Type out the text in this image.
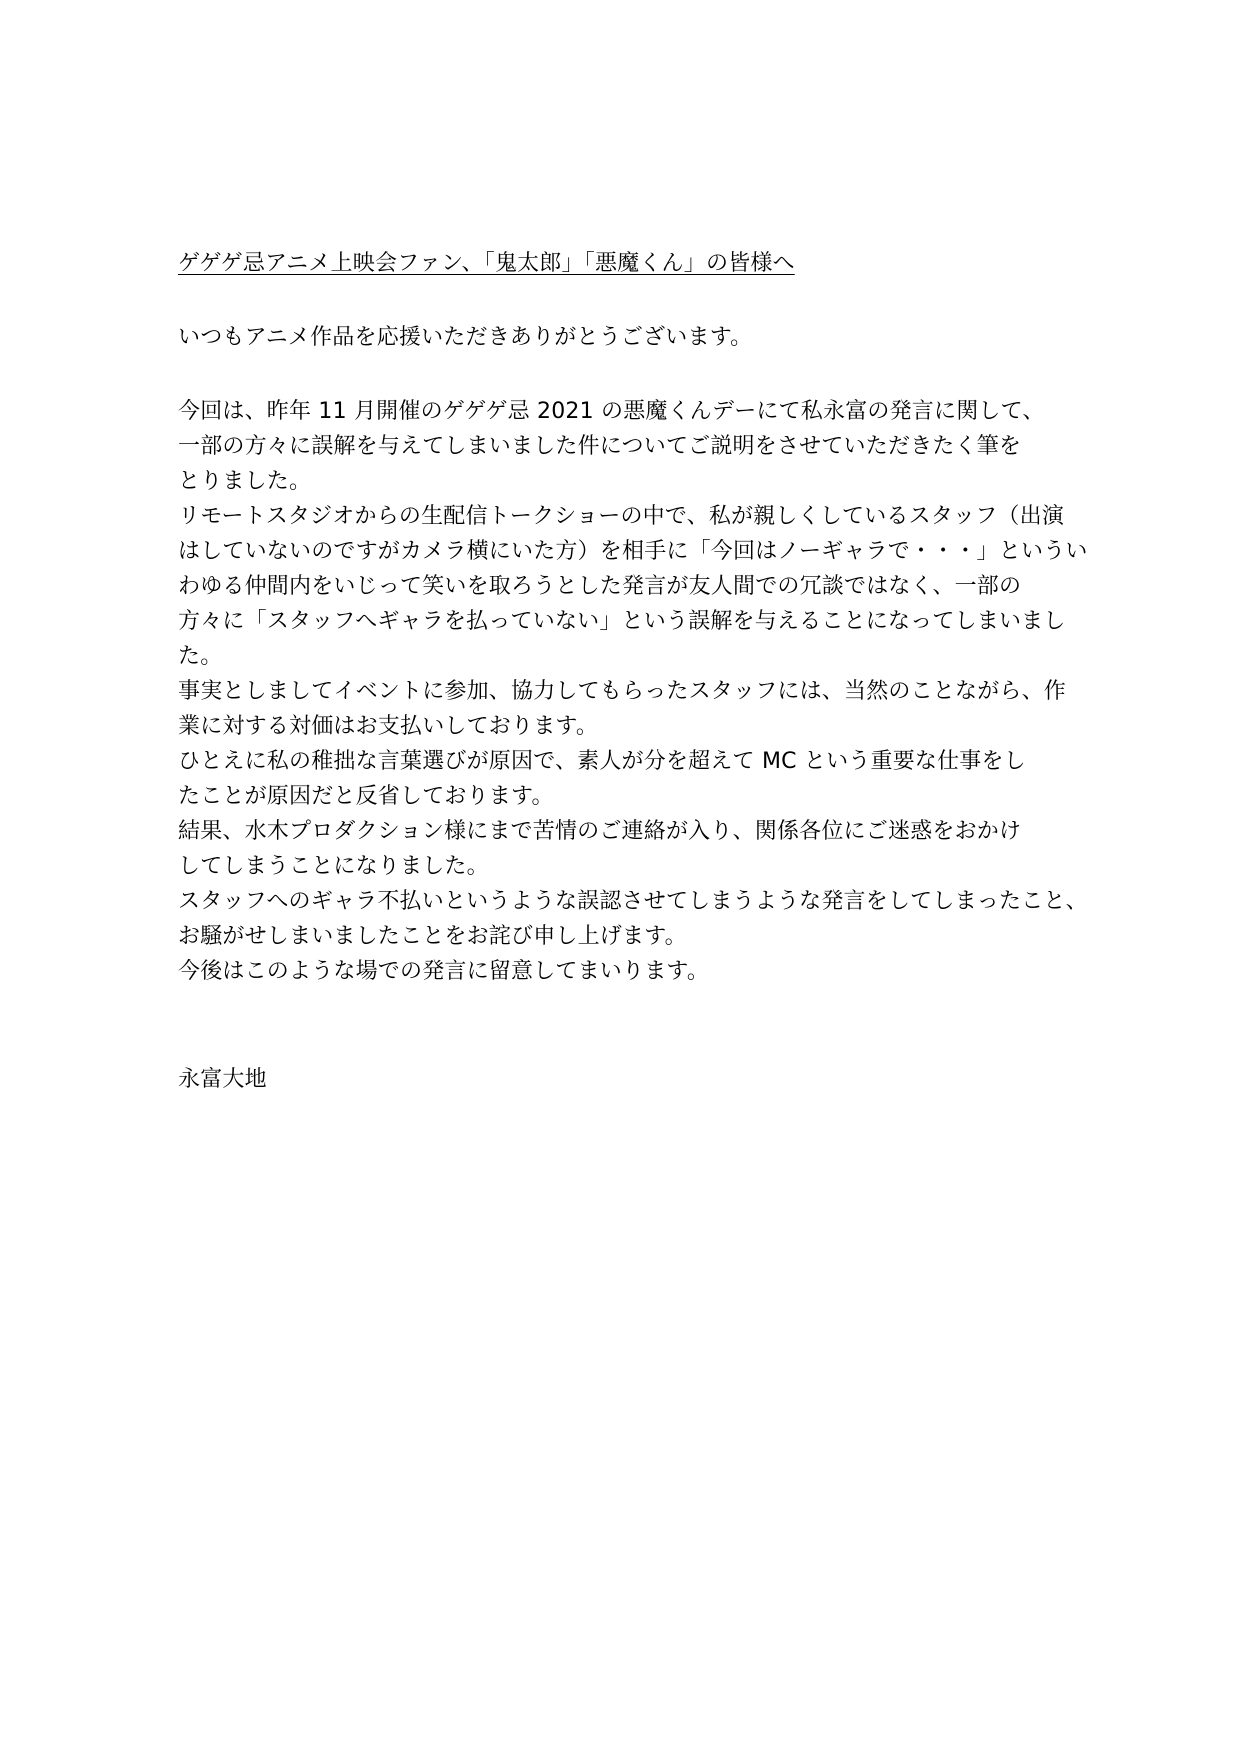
ゲゲゲ忌アニメ上映会ファン、「鬼太郎」「悪魔くん」の皆様へ
いつもアニメ作品を応援いただきありがとうございます。
今回は、昨年 11 月開催のゲゲゲ忌 2021 の悪魔くんデーにて私永富の発言に関して、
一部の方々に誤解を与えてしまいました件についてご説明をさせていただきたく筆を
とりました。
リモートスタジオからの生配信トークショーの中で、私が親しくしているスタッフ（出演
はしていないのですがカメラ横にいた方）を相手に「今回はノーギャラで・・・」というい
わゆる仲間内をいじって笑いを取ろうとした発言が友人間での冗談ではなく、一部の
方々に「スタッフへギャラを払っていない」という誤解を与えることになってしまいまし
た。
事実としましてイベントに参加、協力してもらったスタッフには、当然のことながら、作
業に対する対価はお支払いしております。
ひとえに私の稚拙な言葉選びが原因で、素人が分を超えて MC という重要な仕事をし
たことが原因だと反省しております。
結果、水木プロダクション様にまで苦情のご連絡が入り、関係各位にご迷惑をおかけ
してしまうことになりました。
スタッフへのギャラ不払いというような誤認させてしまうような発言をしてしまったこと、
お騒がせしまいましたことをお詫び申し上げます。
今後はこのような場での発言に留意してまいります。
永富大地
